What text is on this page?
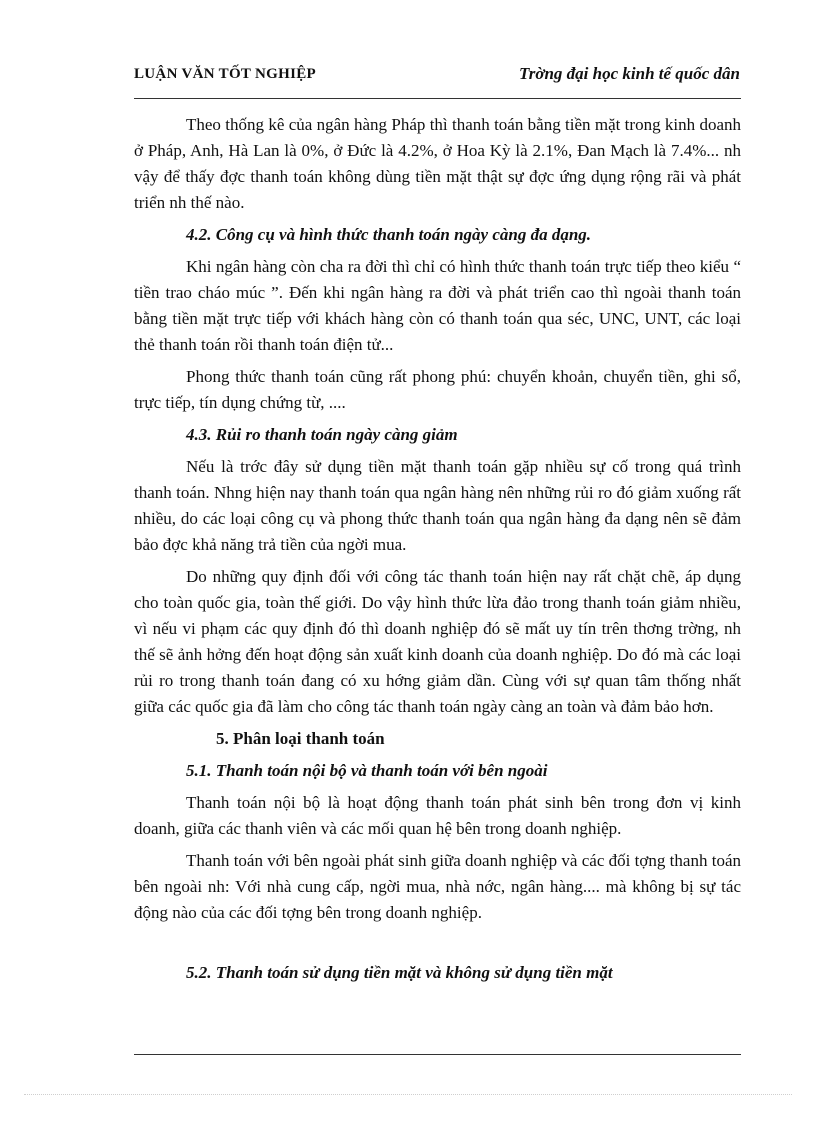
LUẬN VĂN TỐT NGHIỆP	Trờng đại học kinh tế quốc dân

Theo thống kê của ngân hàng Pháp thì thanh toán bằng tiền mặt trong kinh doanh ở Pháp, Anh, Hà Lan là 0%, ở Đức là 4.2%, ở Hoa Kỳ là 2.1%, Đan Mạch là 7.4%... nh vậy để thấy đợc thanh toán không dùng tiền mặt thật sự đợc ứng dụng rộng rãi và phát triển nh thế nào.

4.2. Công cụ và hình thức thanh toán ngày càng đa dạng.

Khi ngân hàng còn cha ra đời thì chỉ có hình thức thanh toán trực tiếp theo kiểu “ tiền trao cháo múc ”. Đến khi ngân hàng ra đời và phát triển cao thì ngoài thanh toán bằng tiền mặt trực tiếp với khách hàng còn có thanh toán qua séc, UNC, UNT, các loại thẻ thanh toán rồi thanh toán điện tử...

Phong thức thanh toán cũng rất phong phú: chuyển khoản, chuyển tiền, ghi sổ, trực tiếp, tín dụng chứng từ, ....

4.3. Rủi ro thanh toán ngày càng giảm

Nếu là trớc đây sử dụng tiền mặt thanh toán gặp nhiều sự cố trong quá trình thanh toán. Nhng hiện nay thanh toán qua ngân hàng nên những rủi ro đó giảm xuống rất nhiều, do các loại công cụ và phong thức thanh toán qua ngân hàng đa dạng nên sẽ đảm bảo đợc khả năng trả tiền của ngời mua.

Do những quy định đối với công tác thanh toán hiện nay rất chặt chẽ, áp dụng cho toàn quốc gia, toàn thế giới. Do vậy hình thức lừa đảo trong thanh toán giảm nhiều, vì nếu vi phạm các quy định đó thì doanh nghiệp đó sẽ mất uy tín trên thơng trờng, nh thế sẽ ảnh hởng đến hoạt động sản xuất kinh doanh của doanh nghiệp. Do đó mà các loại rủi ro trong thanh toán đang có xu hớng giảm dần. Cùng với sự quan tâm thống nhất giữa các quốc gia đã làm cho công tác thanh toán ngày càng an toàn và đảm bảo hơn.

5. Phân loại thanh toán

5.1. Thanh toán nội bộ và thanh toán với bên ngoài

Thanh toán nội bộ là hoạt động thanh toán phát sinh bên trong đơn vị kinh doanh, giữa các thanh viên và các mối quan hệ bên trong doanh nghiệp.

Thanh toán với bên ngoài phát sinh giữa doanh nghiệp và các đối tợng thanh toán bên ngoài nh: Với nhà cung cấp, ngời mua, nhà nớc, ngân hàng.... mà không bị sự tác động nào của các đối tợng bên trong doanh nghiệp.

5.2. Thanh toán sử dụng tiền mặt và không sử dụng tiền mặt
